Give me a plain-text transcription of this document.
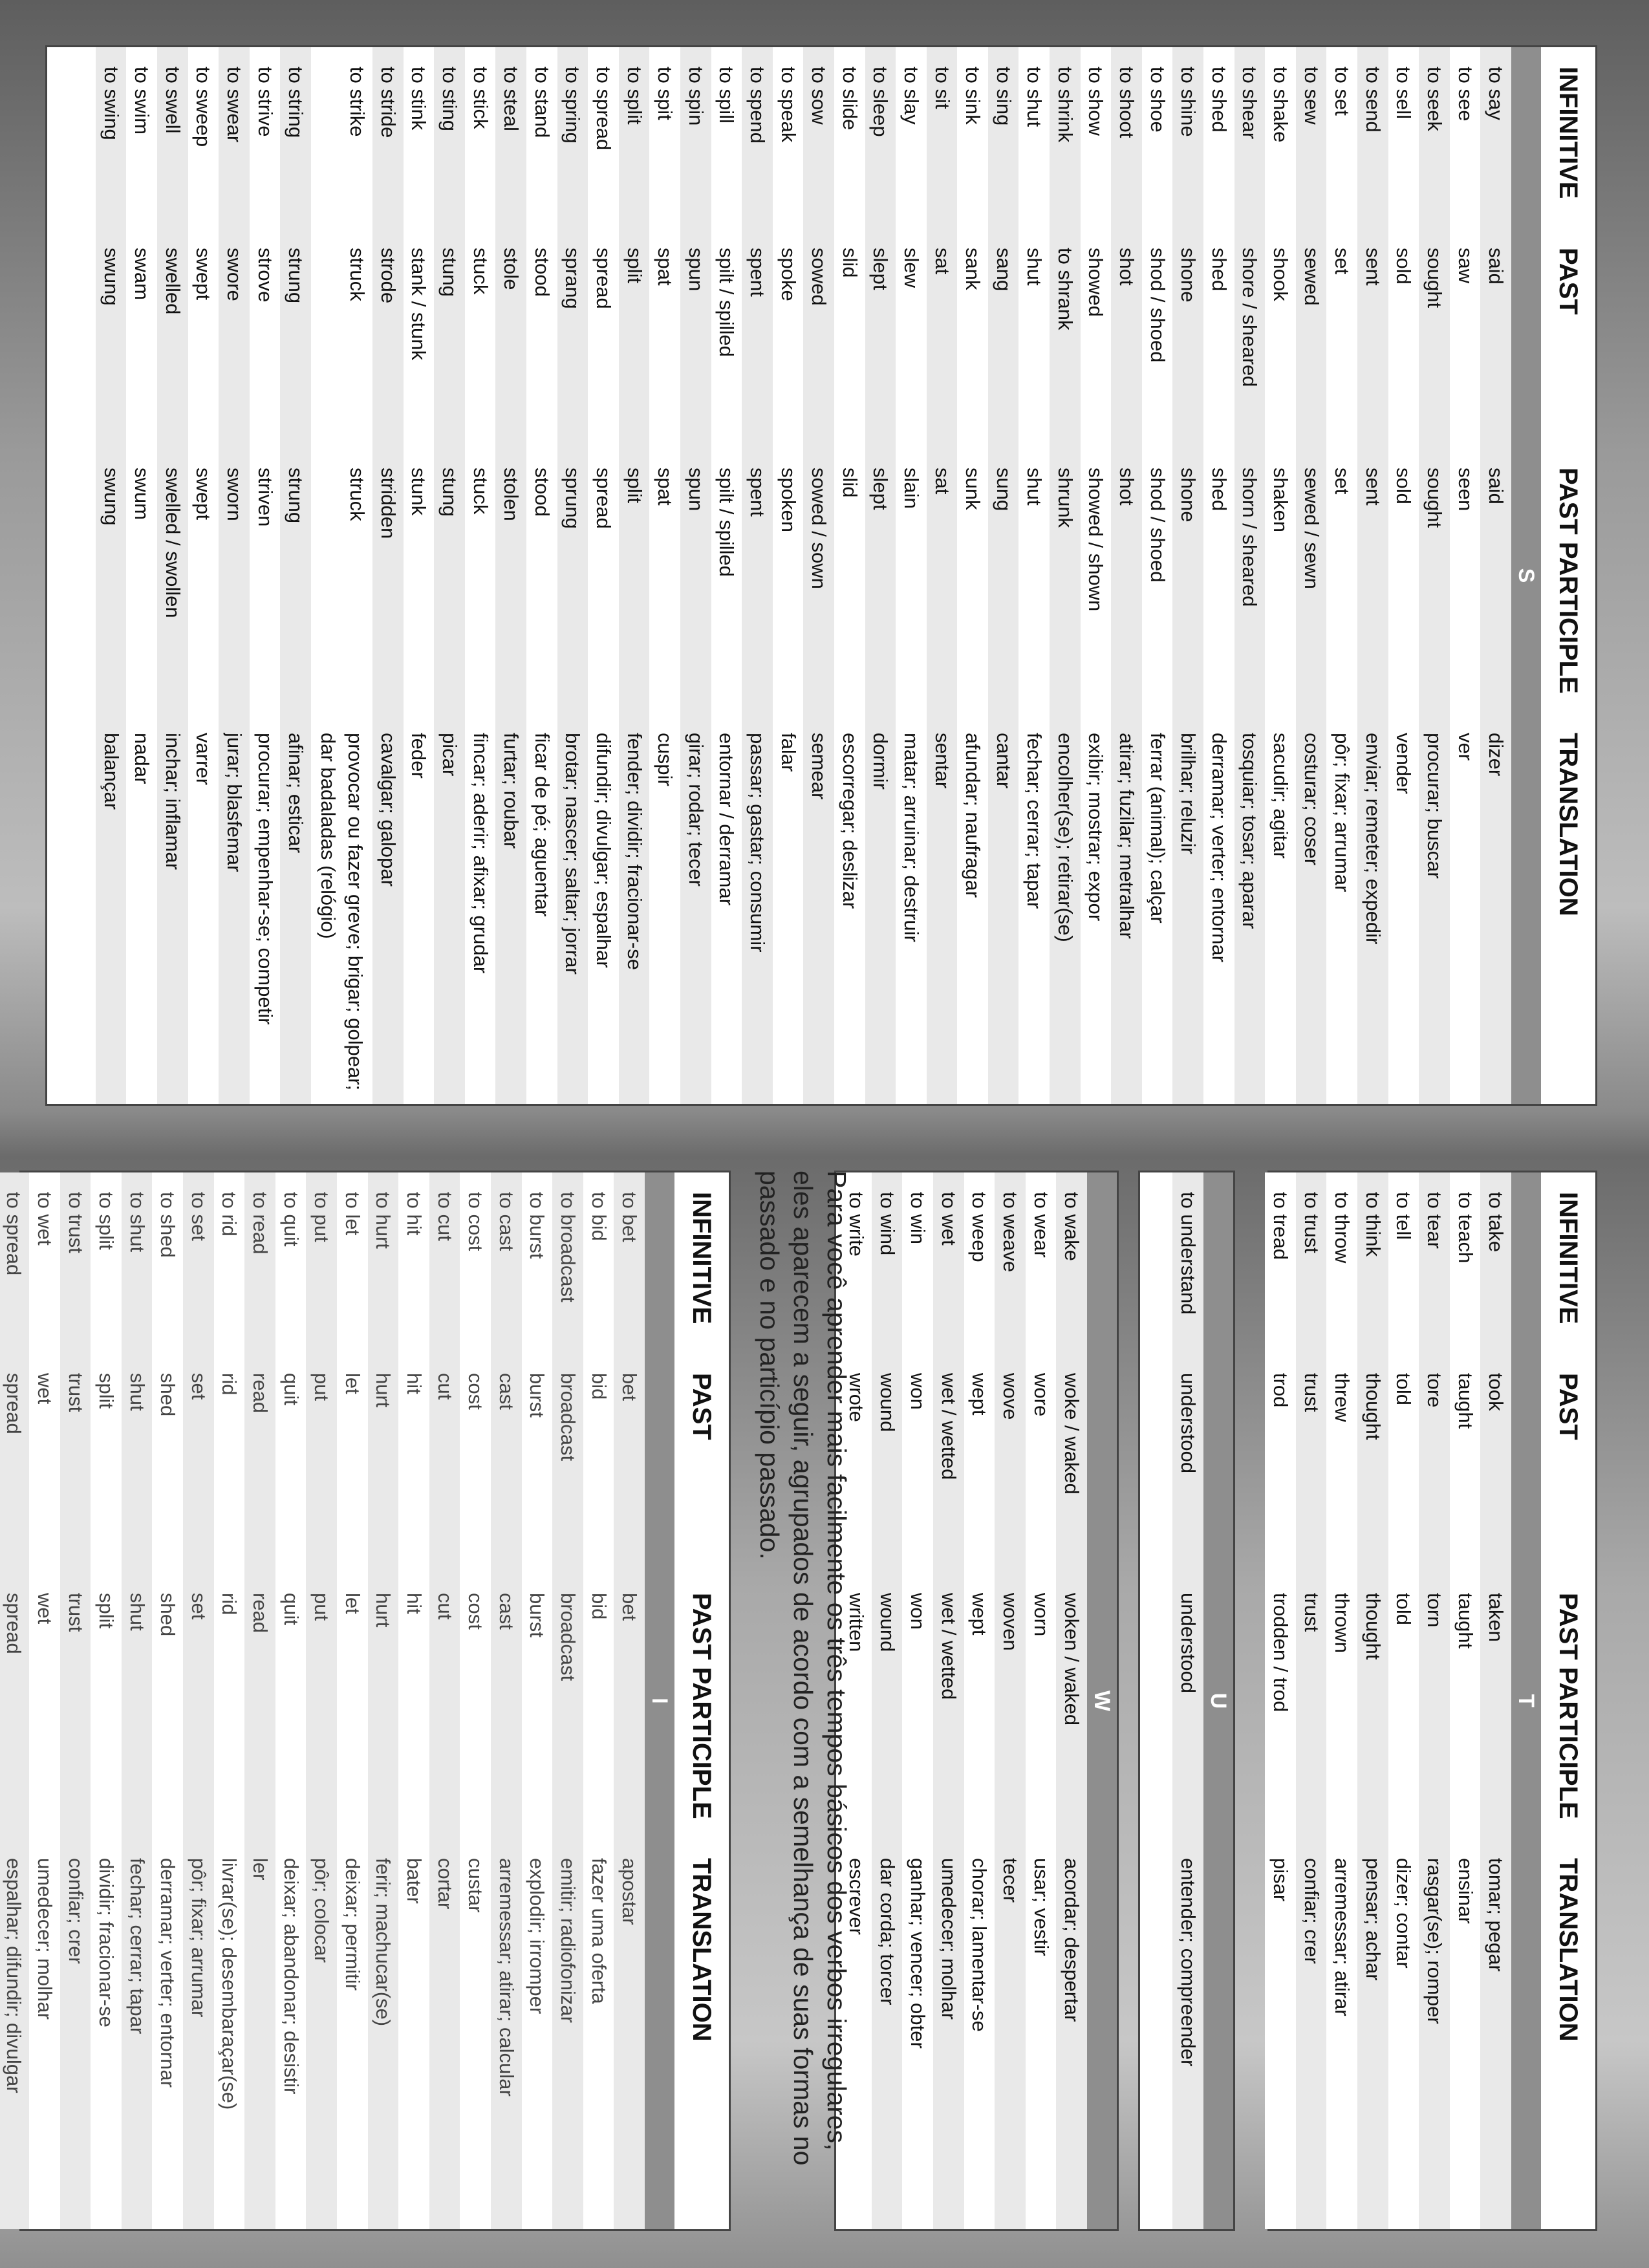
INFINITIVE
PAST
PAST PARTICIPLE
TRANSLATION
S
to say
said
said
dizer
to see
saw
seen
ver
to seek
sought
sought
procurar; buscar
to sell
sold
sold
vender
to send
sent
sent
enviar; remeter; expedir
to set
set
set
pôr; fixar; arrumar
to sew
sewed
sewed / sewn
costurar; coser
to shake
shook
shaken
sacudir; agitar
to shear
shore / sheared
shorn / sheared
tosquiar; tosar; aparar
to shed
shed
shed
derramar; verter; entornar
to shine
shone
shone
brilhar; reluzir
to shoe
shod / shoed
shod / shoed
ferrar (animal); calçar
to shoot
shot
shot
atirar; fuzilar; metralhar
to show
showed
showed / shown
exibir; mostrar; expor
to shrink
to shrank
shrunk
encolher(se); retirar(se)
to shut
shut
shut
fechar; cerrar; tapar
to sing
sang
sung
cantar
to sink
sank
sunk
afundar; naufragar
to sit
sat
sat
sentar
to slay
slew
slain
matar; arruinar; destruir
to sleep
slept
slept
dormir
to slide
slid
slid
escorregar; deslizar
to sow
sowed
sowed / sown
semear
to speak
spoke
spoken
falar
to spend
spent
spent
passar; gastar; consumir
to spill
spilt / spilled
spilt / spilled
entornar / derramar
to spin
spun
spun
girar; rodar; tecer
to spit
spat
spat
cuspir
to split
split
split
fender; dividir; fracionar-se
to spread
spread
spread
difundir; divulgar; espalhar
to spring
sprang
sprung
brotar; nascer; saltar; jorrar
to stand
stood
stood
ficar de pé; aguentar
to steal
stole
stolen
furtar; roubar
to stick
stuck
stuck
fincar; aderir; afixar; grudar
to sting
stung
stung
picar
to stink
stank / stunk
stunk
feder
to stride
strode
stridden
cavalgar; galopar
to strike
struck
struck
provocar ou fazer greve; brigar; golpear; dar badaladas (relógio)
to string
strung
strung
afinar; esticar
to strive
strove
striven
procurar; empenhar-se; competir
to swear
swore
sworn
jurar; blasfemar
to sweep
swept
swept
varrer
to swell
swelled
swelled / swollen
inchar; inflamar
to swim
swam
swum
nadar
to swing
swung
swung
balançar
INFINITIVE
PAST
PAST PARTICIPLE
TRANSLATION
T
to take
took
taken
tomar; pegar
to teach
taught
taught
ensinar
to tear
tore
torn
rasgar(se); romper
to tell
told
told
dizer; contar
to think
thought
thought
pensar; achar
to throw
threw
thrown
arremessar; atirar
to trust
trust
trust
confiar; crer
to tread
trod
trodden / trod
pisar
U
to understand
understood
understood
entender; compreender
W
to wake
woke / waked
woken / waked
acordar; despertar
to wear
wore
worn
usar; vestir
to weave
wove
woven
tecer
to weep
wept
wept
chorar; lamentar-se
to wet
wet / wetted
wet / wetted
umedecer; molhar
to win
won
won
ganhar; vencer; obter
to wind
wound
wound
dar corda; torcer
to write
wrote
written
escrever
Para você aprender mais facilmente os três tempos básicos dos verbos irregulares, eles aparecem a seguir, agrupados de acordo com a semelhança de suas formas no passado e no particípio passado.
INFINITIVE
PAST
PAST PARTICIPLE
TRANSLATION
I
to bet
bet
bet
apostar
to bid
bid
bid
fazer uma oferta
to broadcast
broadcast
broadcast
emitir; radiofonizar
to burst
burst
burst
explodir; irromper
to cast
cast
cast
arremessar; atirar; calcular
to cost
cost
cost
custar
to cut
cut
cut
cortar
to hit
hit
hit
bater
to hurt
hurt
hurt
ferir; machucar(se)
to let
let
let
deixar; permitir
to put
put
put
pôr; colocar
to quit
quit
quit
deixar; abandonar; desistir
to read
read
read
ler
to rid
rid
rid
livrar(se); desembaraçar(se)
to set
set
set
pôr; fixar; arrumar
to shed
shed
shed
derramar; verter; entornar
to shut
shut
shut
fechar; cerrar; tapar
to split
split
split
dividir; fracionar-se
to trust
trust
trust
confiar; crer
to wet
wet
wet
umedecer; molhar
to spread
spread
spread
espalhar; difundir; divulgar
